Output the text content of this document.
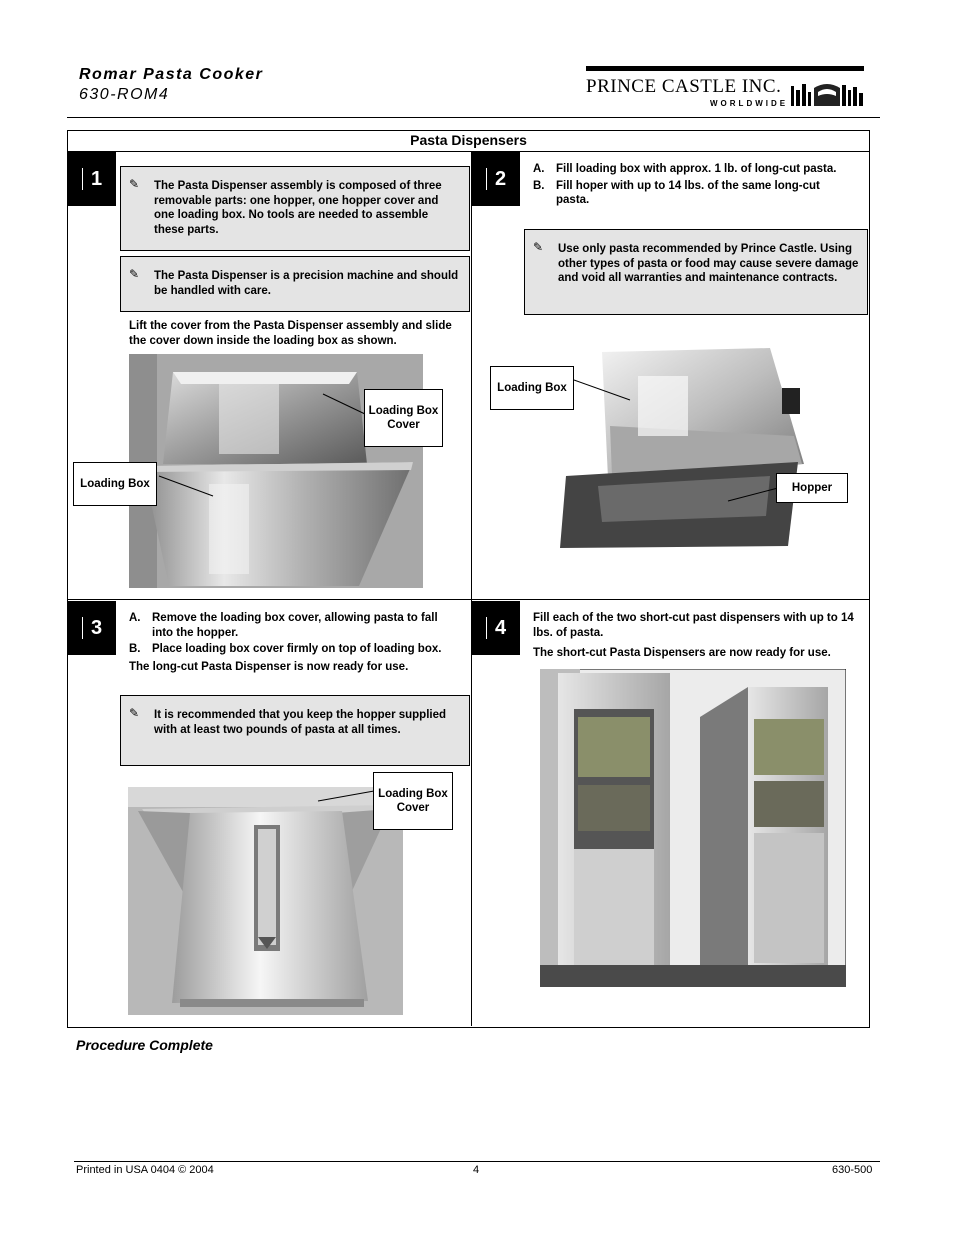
Romar Pasta Cooker
630-ROM4	PRINCE CASTLE INC.
WORLDWIDE
Pasta Dispensers
1 ✎ The Pasta Dispenser assembly is composed of three removable parts: one hopper, one hopper cover and one loading box. No tools are needed to assemble these parts.
✎ The Pasta Dispenser is a precision machine and should be handled with care.
Lift the cover from the Pasta Dispenser assembly and slide the cover down inside the loading box as shown.
Loading Box Cover
Loading Box
2 A. Fill loading box with approx. 1 lb. of long-cut pasta.
B. Fill hoper with up to 14 lbs. of the same long-cut pasta.
✎ Use only pasta recommended by Prince Castle. Using other types of pasta or food may cause severe damage and void all warranties and maintenance contracts.
Loading Box
Hopper
3 A. Remove the loading box cover, allowing pasta to fall into the hopper.
B. Place loading box cover firmly on top of loading box.
The long-cut Pasta Dispenser is now ready for use.
✎ It is recommended that you keep the hopper supplied with at least two pounds of pasta at all times.
Loading Box Cover
4 Fill each of the two short-cut past dispensers with up to 14 lbs. of pasta.
The short-cut Pasta Dispensers are now ready for use.
Procedure Complete
Printed in USA 0404 © 2004	4	630-500
